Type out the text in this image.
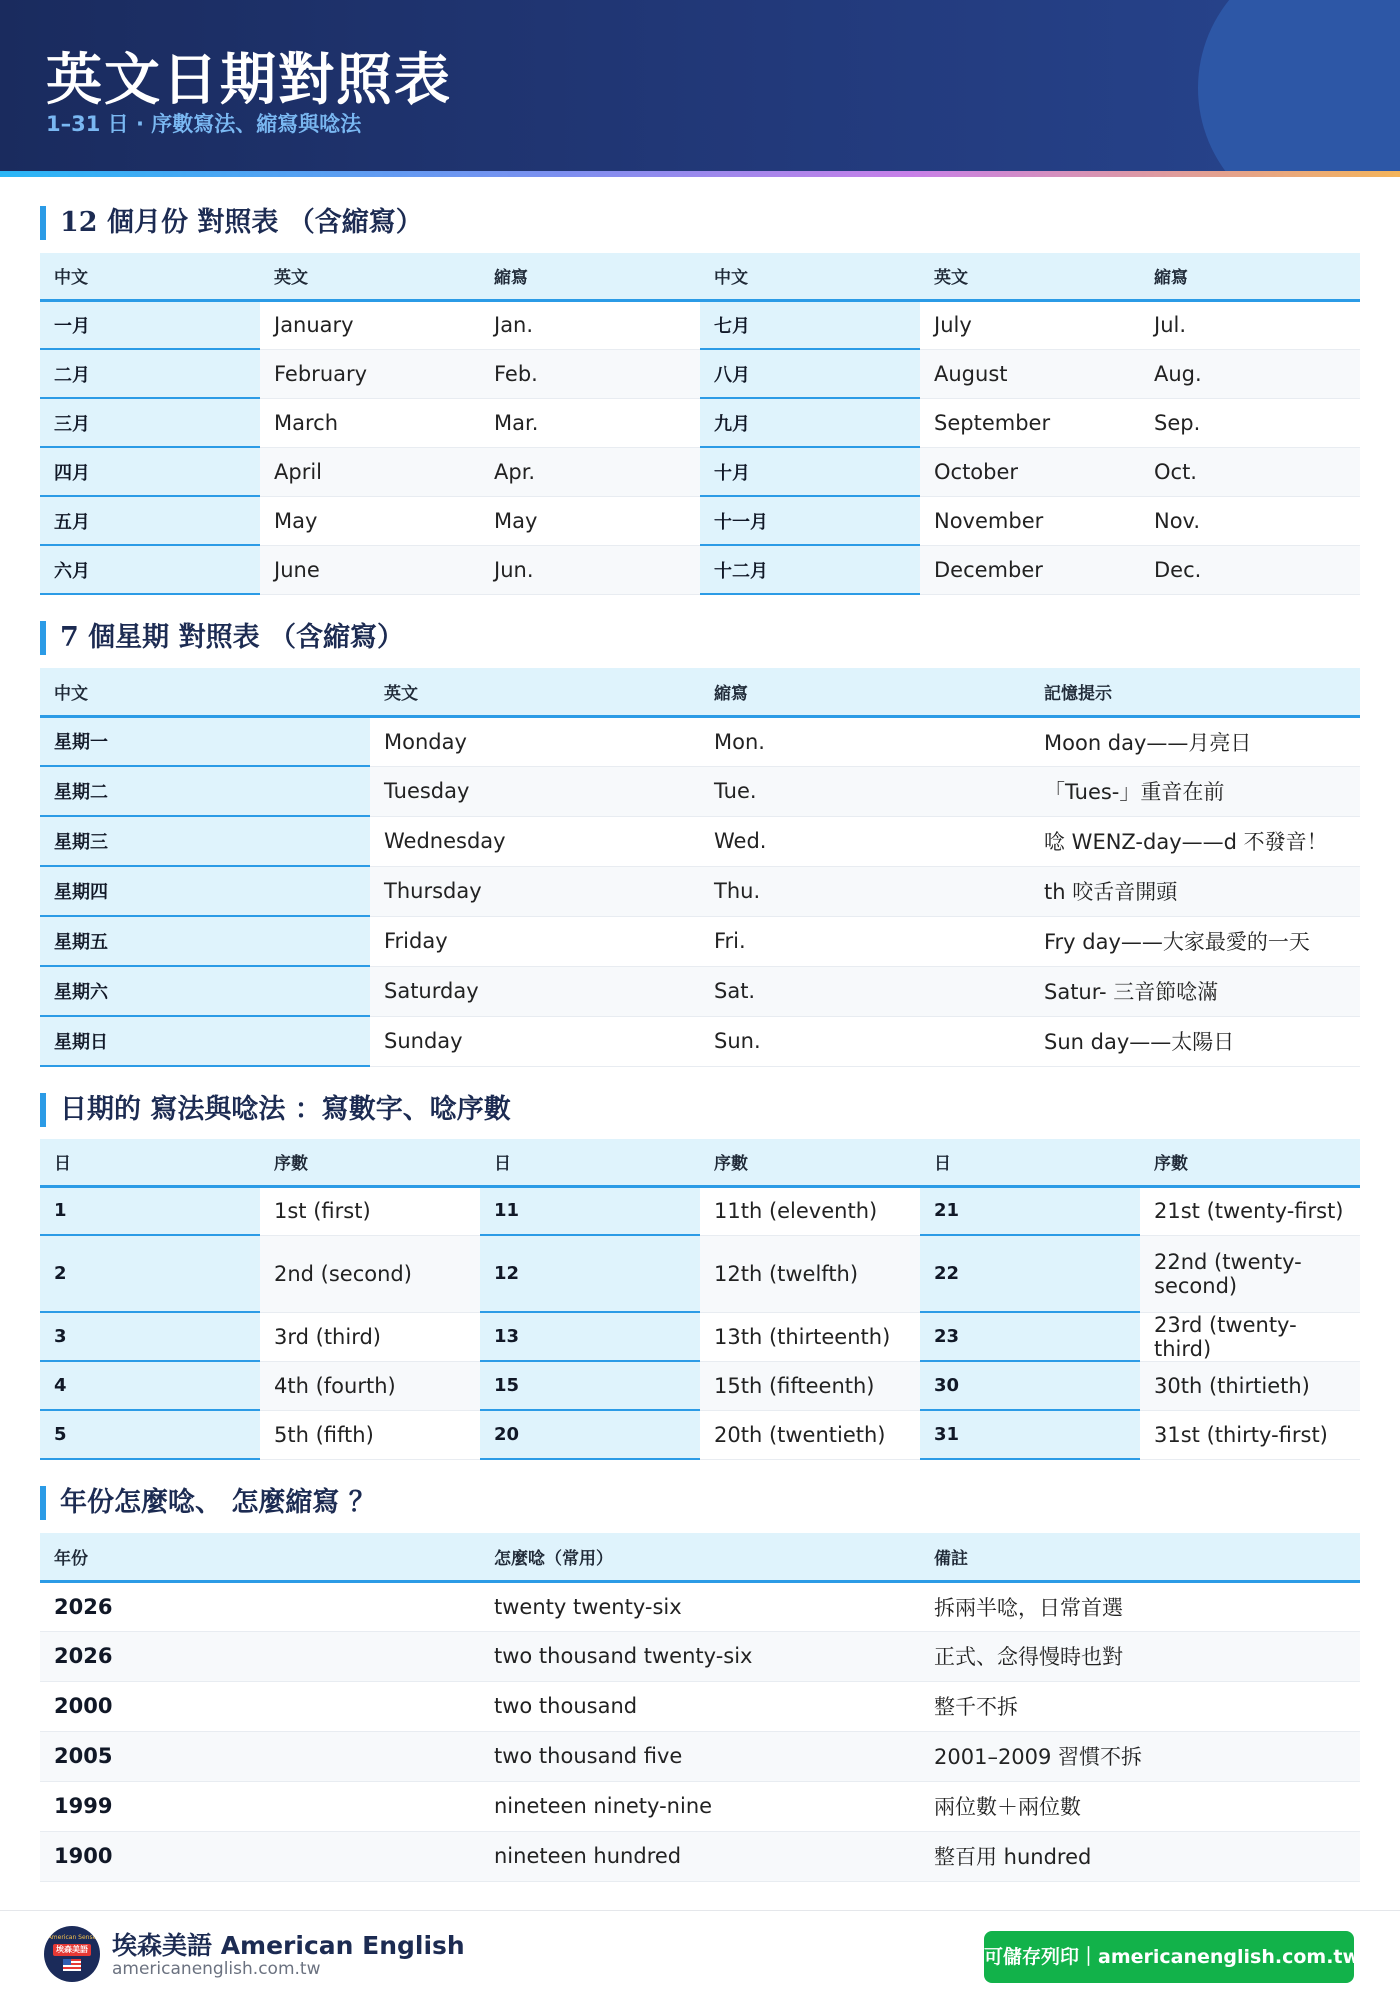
英文日期對照表
1–31 日 · 序數寫法、縮寫與唸法
12 個月份 對照表 （含縮寫）
中文	英文	縮寫	中文	英文	縮寫
一月	January	Jan.	七月	July	Jul.
二月	February	Feb.	八月	August	Aug.
三月	March	Mar.	九月	September	Sep.
四月	April	Apr.	十月	October	Oct.
五月	May	May	十一月	November	Nov.
六月	June	Jun.	十二月	December	Dec.
7 個星期 對照表 （含縮寫）
中文	英文	縮寫	記憶提示
星期一	Monday	Mon.	Moon day——月亮日
星期二	Tuesday	Tue.	「Tues-」重音在前
星期三	Wednesday	Wed.	唸 WENZ-day——d 不發音！
星期四	Thursday	Thu.	th 咬舌音開頭
星期五	Friday	Fri.	Fry day——大家最愛的一天
星期六	Saturday	Sat.	Satur- 三音節唸滿
星期日	Sunday	Sun.	Sun day——太陽日
日期的 寫法與唸法 ：寫數字、唸序數
日	序數	日	序數	日	序數
1	1st (first)	11	11th (eleventh)	21	21st (twenty-first)
2	2nd (second)	12	12th (twelfth)	22	22nd (twenty-second)
3	3rd (third)	13	13th (thirteenth)	23	23rd (twenty-third)
4	4th (fourth)	15	15th (fifteenth)	30	30th (thirtieth)
5	5th (fifth)	20	20th (twentieth)	31	31st (thirty-first)
年份怎麼唸、 怎麼縮寫 ？
年份	怎麼唸（常用）	備註
2026	twenty twenty-six	拆兩半唸，日常首選
2026	two thousand twenty-six	正式、念得慢時也對
2000	two thousand	整千不拆
2005	two thousand five	2001–2009 習慣不拆
1999	nineteen ninety-nine	兩位數＋兩位數
1900	nineteen hundred	整百用 hundred
American Sense
埃森美語 埃森美語 American English
americanenglish.com.tw
可儲存列印｜americanenglish.com.tw
